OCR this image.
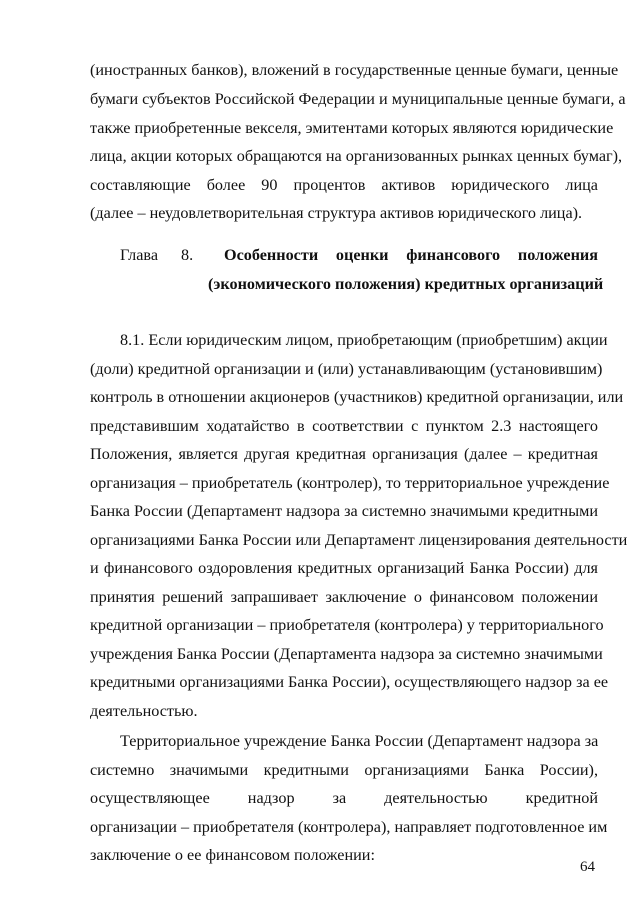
(иностранных банков), вложений в государственные ценные бумаги, ценные
бумаги субъектов Российской Федерации и муниципальные ценные бумаги, а
также приобретенные векселя, эмитентами которых являются юридические
лица, акции которых обращаются на организованных рынках ценных бумаг),
составляющие более 90 процентов активов юридического лица
(далее – неудовлетворительная структура активов юридического лица).
Глава 8. Особенности оценки финансового положения
(экономического положения) кредитных организаций
8.1. Если юридическим лицом, приобретающим (приобретшим) акции
(доли) кредитной организации и (или) устанавливающим (установившим)
контроль в отношении акционеров (участников) кредитной организации, или
представившим ходатайство в соответствии с пунктом 2.3 настоящего
Положения, является другая кредитная организация (далее – кредитная
организация – приобретатель (контролер), то территориальное учреждение
Банка России (Департамент надзора за системно значимыми кредитными
организациями Банка России или Департамент лицензирования деятельности
и финансового оздоровления кредитных организаций Банка России) для
принятия решений запрашивает заключение о финансовом положении
кредитной организации – приобретателя (контролера) у территориального
учреждения Банка России (Департамента надзора за системно значимыми
кредитными организациями Банка России), осуществляющего надзор за ее
деятельностью.
Территориальное учреждение Банка России (Департамент надзора за
системно значимыми кредитными организациями Банка России),
осуществляющее надзор за деятельностью кредитной
организации – приобретателя (контролера), направляет подготовленное им
заключение о ее финансовом положении:
64
